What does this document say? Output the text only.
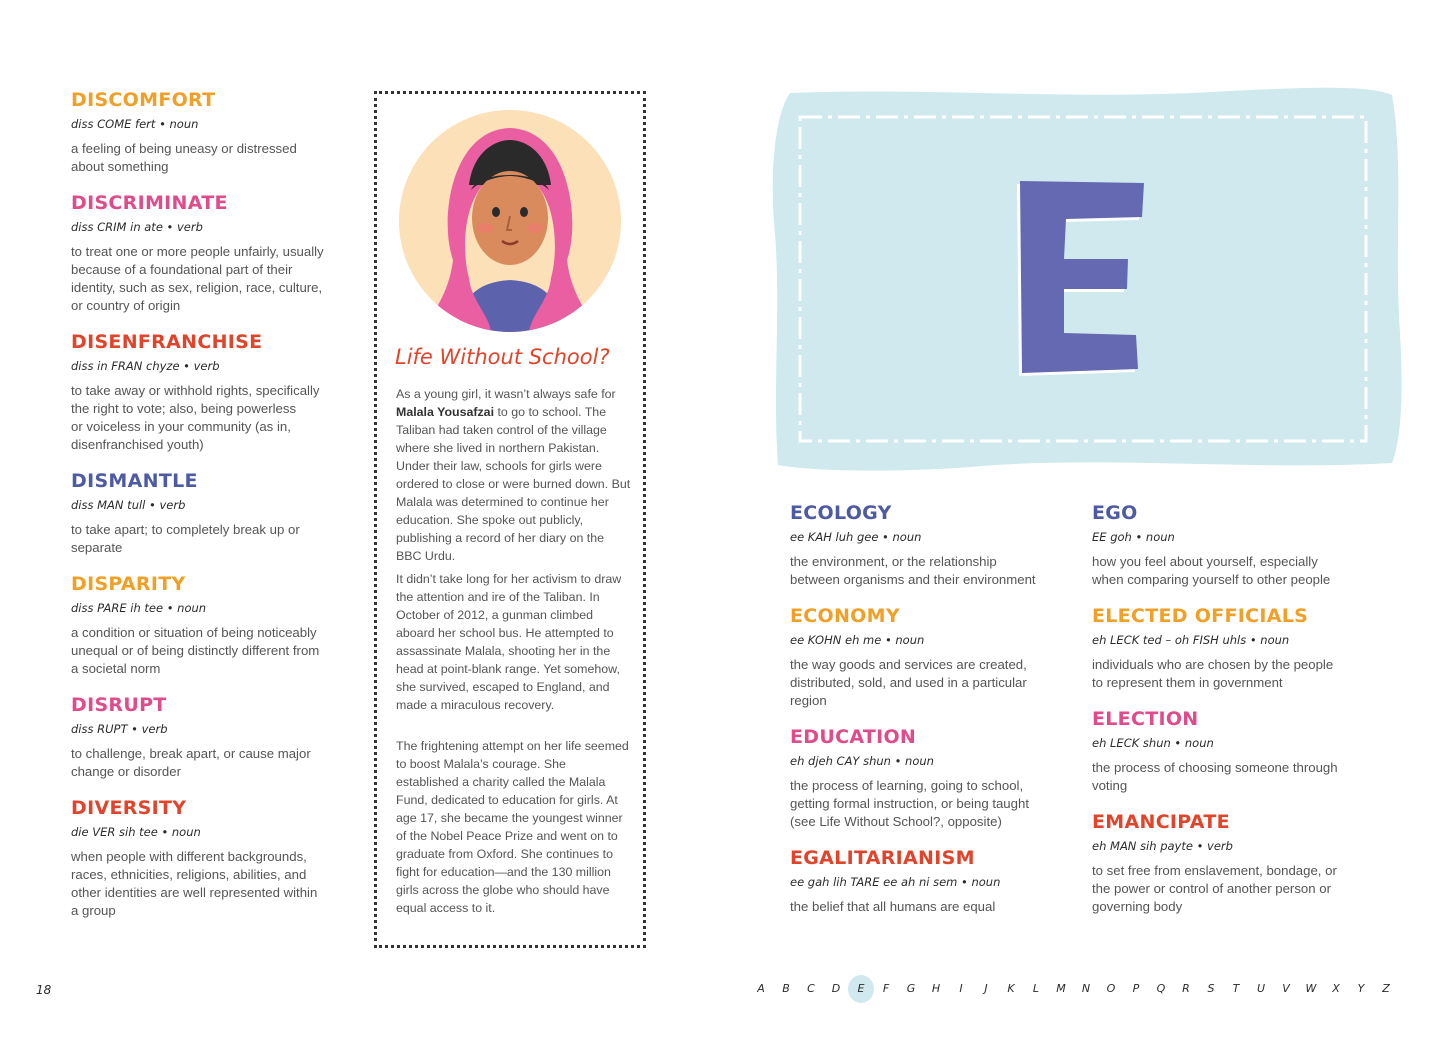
DISCOMFORT
diss COME fert • noun
a feeling of being uneasy or distressed
about something
DISCRIMINATE
diss CRIM in ate • verb
to treat one or more people unfairly, usually
because of a foundational part of their
identity, such as sex, religion, race, culture,
or country of origin
DISENFRANCHISE
diss in FRAN chyze • verb
to take away or withhold rights, specifically
the right to vote; also, being powerless
or voiceless in your community (as in,
disenfranchised youth)
DISMANTLE
diss MAN tull • verb
to take apart; to completely break up or
separate
DISPARITY
diss PARE ih tee • noun
a condition or situation of being noticeably
unequal or of being distinctly different from
a societal norm
DISRUPT
diss RUPT • verb
to challenge, break apart, or cause major
change or disorder
DIVERSITY
die VER sih tee • noun
when people with different backgrounds,
races, ethnicities, religions, abilities, and
other identities are well represented within
a group
Life Without School?

As a young girl, it wasn’t always safe for Malala Yousafzai to go to school. The Taliban had taken control of the village where she lived in northern Pakistan. Under their law, schools for girls were ordered to close or were burned down. But Malala was determined to continue her education. She spoke out publicly, publishing a record of her diary on the BBC Urdu.

It didn’t take long for her activism to draw the attention and ire of the Taliban. In October of 2012, a gunman climbed aboard her school bus. He attempted to assassinate Malala, shooting her in the head at point-blank range. Yet somehow, she survived, escaped to England, and made a miraculous recovery.

The frightening attempt on her life seemed to boost Malala’s courage. She established a charity called the Malala Fund, dedicated to education for girls. At age 17, she became the youngest winner of the Nobel Peace Prize and went on to graduate from Oxford. She continues to fight for education—and the 130 million girls across the globe who should have equal access to it.

E
ECOLOGY
ee KAH luh gee • noun
the environment, or the relationship
between organisms and their environment
ECONOMY
ee KOHN eh me • noun
the way goods and services are created,
distributed, sold, and used in a particular
region
EDUCATION
eh djeh CAY shun • noun
the process of learning, going to school,
getting formal instruction, or being taught
(see Life Without School?, opposite)
EGALITARIANISM
ee gah lih TARE ee ah ni sem • noun
the belief that all humans are equal
EGO
EE goh • noun
how you feel about yourself, especially
when comparing yourself to other people
ELECTED OFFICIALS
eh LECK ted – oh FISH uhls • noun
individuals who are chosen by the people
to represent them in government
ELECTION
eh LECK shun • noun
the process of choosing someone through
voting
EMANCIPATE
eh MAN sih payte • verb
to set free from enslavement, bondage, or
the power or control of another person or
governing body
18	A	B	C	D	E	F	G	H	I	J	K	L	M	N	O	P	Q	R	S	T	U	V	W	X	Y	Z
